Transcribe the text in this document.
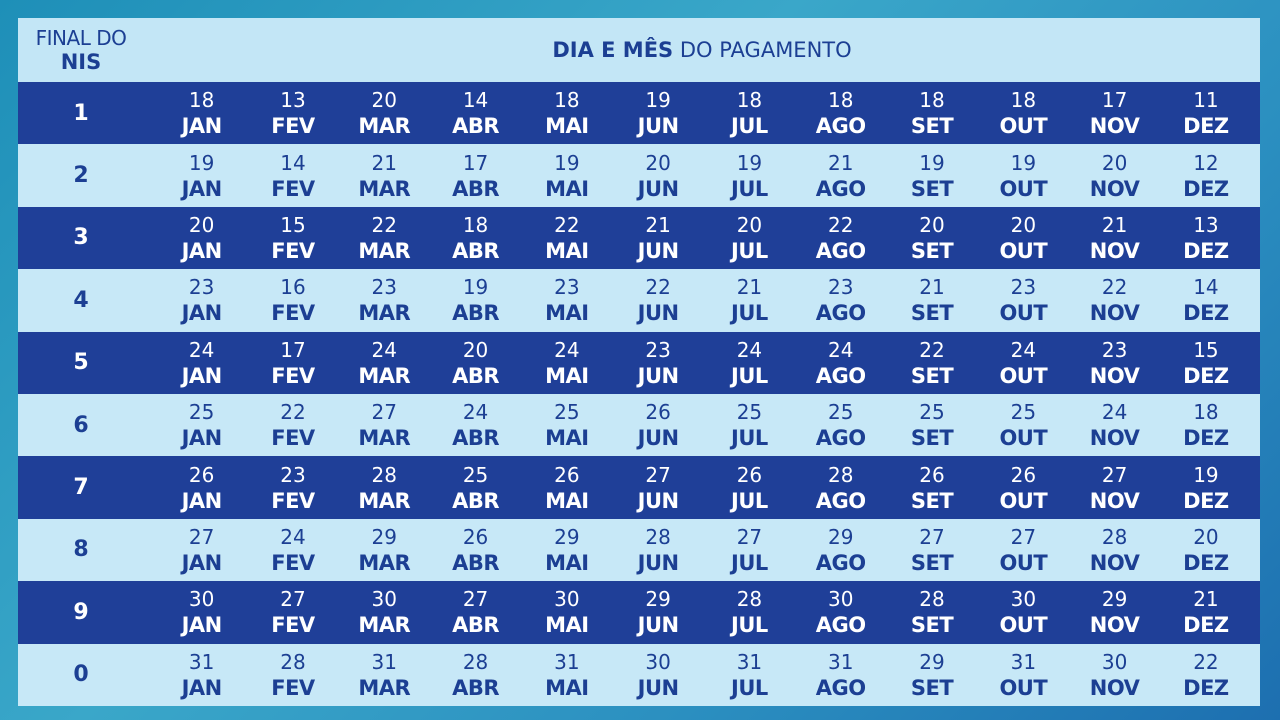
FINAL DO
NIS	DIA E MÊS DO PAGAMENTO
1
18
JAN
13
FEV
20
MAR
14
ABR
18
MAI
19
JUN
18
JUL
18
AGO
18
SET
18
OUT
17
NOV
11
DEZ
2
19
JAN
14
FEV
21
MAR
17
ABR
19
MAI
20
JUN
19
JUL
21
AGO
19
SET
19
OUT
20
NOV
12
DEZ
3
20
JAN
15
FEV
22
MAR
18
ABR
22
MAI
21
JUN
20
JUL
22
AGO
20
SET
20
OUT
21
NOV
13
DEZ
4
23
JAN
16
FEV
23
MAR
19
ABR
23
MAI
22
JUN
21
JUL
23
AGO
21
SET
23
OUT
22
NOV
14
DEZ
5
24
JAN
17
FEV
24
MAR
20
ABR
24
MAI
23
JUN
24
JUL
24
AGO
22
SET
24
OUT
23
NOV
15
DEZ
6
25
JAN
22
FEV
27
MAR
24
ABR
25
MAI
26
JUN
25
JUL
25
AGO
25
SET
25
OUT
24
NOV
18
DEZ
7
26
JAN
23
FEV
28
MAR
25
ABR
26
MAI
27
JUN
26
JUL
28
AGO
26
SET
26
OUT
27
NOV
19
DEZ
8
27
JAN
24
FEV
29
MAR
26
ABR
29
MAI
28
JUN
27
JUL
29
AGO
27
SET
27
OUT
28
NOV
20
DEZ
9
30
JAN
27
FEV
30
MAR
27
ABR
30
MAI
29
JUN
28
JUL
30
AGO
28
SET
30
OUT
29
NOV
21
DEZ
0
31
JAN
28
FEV
31
MAR
28
ABR
31
MAI
30
JUN
31
JUL
31
AGO
29
SET
31
OUT
30
NOV
22
DEZ
